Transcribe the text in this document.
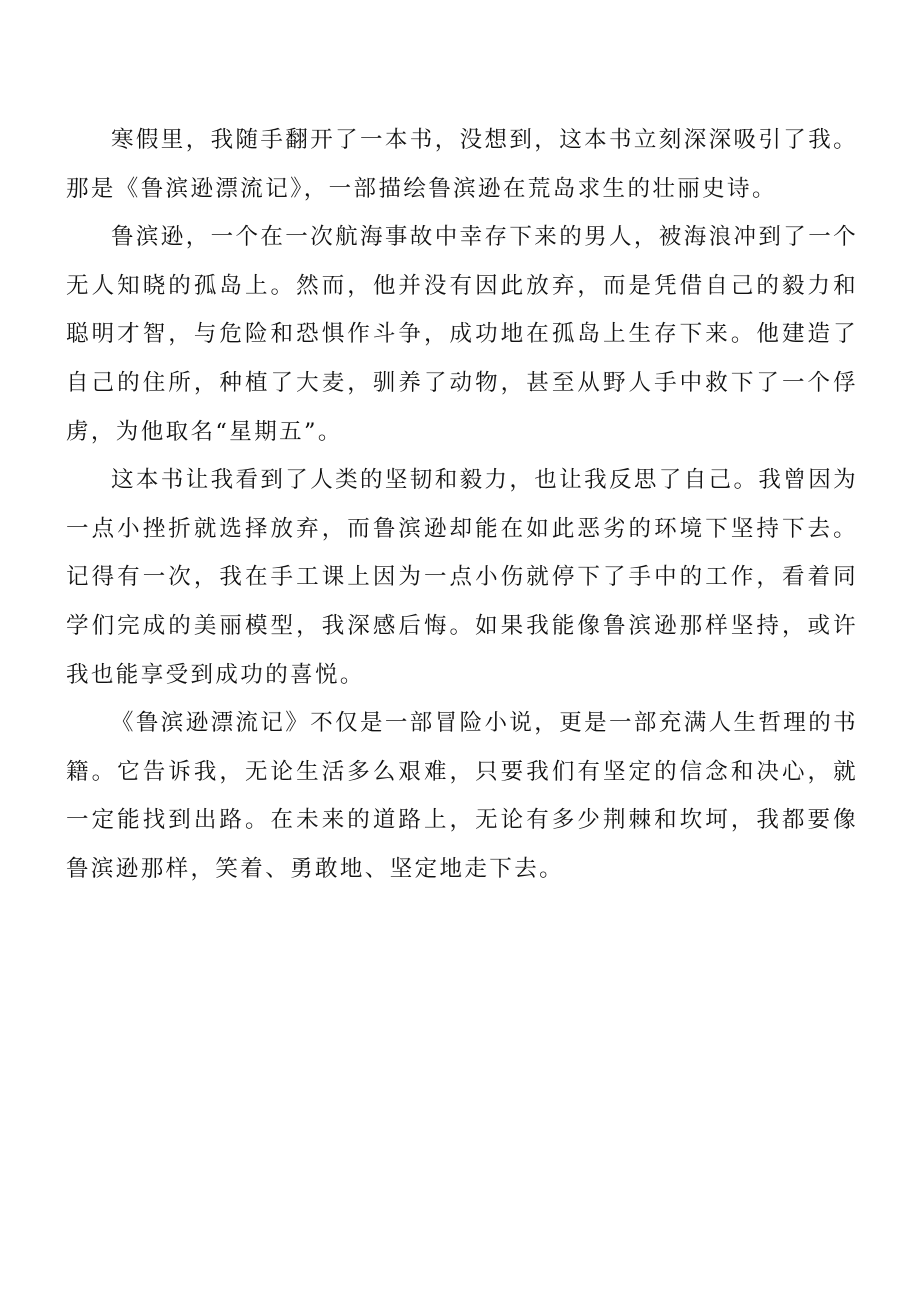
寒假里，我随手翻开了一本书，没想到，这本书立刻深深吸引了我。那是《鲁滨逊漂流记》，一部描绘鲁滨逊在荒岛求生的壮丽史诗。

鲁滨逊，一个在一次航海事故中幸存下来的男人，被海浪冲到了一个无人知晓的孤岛上。然而，他并没有因此放弃，而是凭借自己的毅力和聪明才智，与危险和恐惧作斗争，成功地在孤岛上生存下来。他建造了自己的住所，种植了大麦，驯养了动物，甚至从野人手中救下了一个俘虏，为他取名“星期五”。

这本书让我看到了人类的坚韧和毅力，也让我反思了自己。我曾因为一点小挫折就选择放弃，而鲁滨逊却能在如此恶劣的环境下坚持下去。记得有一次，我在手工课上因为一点小伤就停下了手中的工作，看着同学们完成的美丽模型，我深感后悔。如果我能像鲁滨逊那样坚持，或许我也能享受到成功的喜悦。

《鲁滨逊漂流记》不仅是一部冒险小说，更是一部充满人生哲理的书籍。它告诉我，无论生活多么艰难，只要我们有坚定的信念和决心，就一定能找到出路。在未来的道路上，无论有多少荆棘和坎坷，我都要像鲁滨逊那样，笑着、勇敢地、坚定地走下去。
